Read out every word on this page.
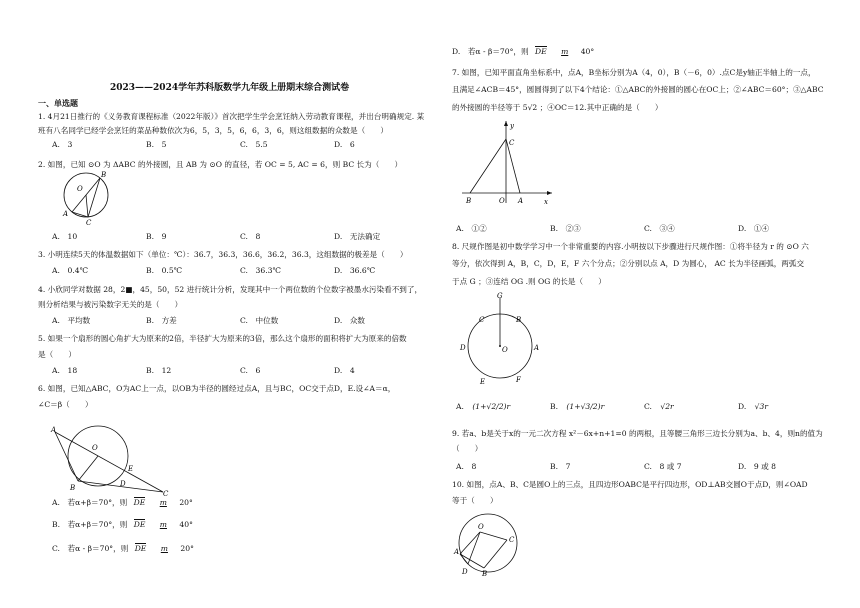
2023——2024学年苏科版数学九年级上册期末综合测试卷
一、单选题
1. 4月21日推行的《义务教育课程标准（2022年版）》首次把学生学会烹饪纳入劳动教育课程，并出台明确规定. 某
班有八名同学已经学会烹饪的菜品种数依次为6，5，3，5，6，6，3，6，则这组数据的众数是（　　）
A.　3	B.　5	C.　5.5	D.　6
2. 如图，已知 ⊙O 为 ΔABC 的外接圆，且 AB 为 ⊙O 的直径，若 OC = 5, AC = 6，则 BC 长为（　　）
O
B
A
C
A.　10	B.　9	C.　8	D.　无法确定
3. 小明连续5天的体温数据如下（单位：℃）：36.7，36.3，36.6，36.2，36.3，这组数据的极差是（　　）
A.　0.4℃	B.　0.5℃	C.　36.3℃	D.　36.6℃
4. 小欣同学对数据 28，2■，45，50，52 进行统计分析，发现其中一个两位数的个位数字被墨水污染看不到了，
则分析结果与被污染数字无关的是（　　）
A.　平均数	B.　方差	C.　中位数	D.　众数
5. 如果一个扇形的圆心角扩大为原来的2倍，半径扩大为原来的3倍，那么这个扇形的面积将扩大为原来的倍数
是（　　）
A.　18	B.　12	C.　6	D.　4
6. 如图，已知△ABC，O为AC上一点，以OB为半径的圆经过点A，且与BC，OC交于点D，E.设∠A＝α，
∠C＝β（　　）
A
O
E
B	D
C
A.　若α+β＝70°，则 DE m 20°
B.　若α+β＝70°，则 DE m 40°
C.　若α - β＝70°，则 DE m 20°
D.　若α - β＝70°，则 DE m 40°
7. 如图，已知平面直角坐标系中，点A，B坐标分别为A（4，0），B（－6，0）.点C是y轴正半轴上的一点，
且满足∠ACB＝45°，圆圆得到了以下4个结论：①△ABC的外接圆的圆心在OC上；②∠ABC＝60°；③△ABC
的外接圆的半径等于 5√2 ；④OC＝12.其中正确的是（　　）
y
x
C
B	O A
A.　①②	B.　②③	C.　③④	D.　①④
8. 尺规作图是初中数学学习中一个非常重要的内容.小明按以下步骤进行尺规作图：①将半径为 r 的 ⊙O 六
等分，依次得到 A，B，C，D，E，F 六个分点；②分别以点 A，D 为圆心， AC 长为半径画弧，两弧交
于点 G ；③连结 OG .则 OG 的长是（　　）
G
C	B
D	O	A
E	F
A. (1+√2/2)r	B. (1+√3/2)r	C. √2r	D. √3r
9. 若a、b是关于x的一元二次方程 x²－6x+n+1=0 的两根，且等腰三角形三边长分别为a、b、4，则n的值为
（　　）
A.　8	B.　7	C.　8 或 7	D.　9 或 8
10. 如图，点A、B、C是圆O上的三点，且四边形OABC是平行四边形，OD⊥AB交圆O于点D，则∠OAD
等于（　　）
O
A
B
C
D
